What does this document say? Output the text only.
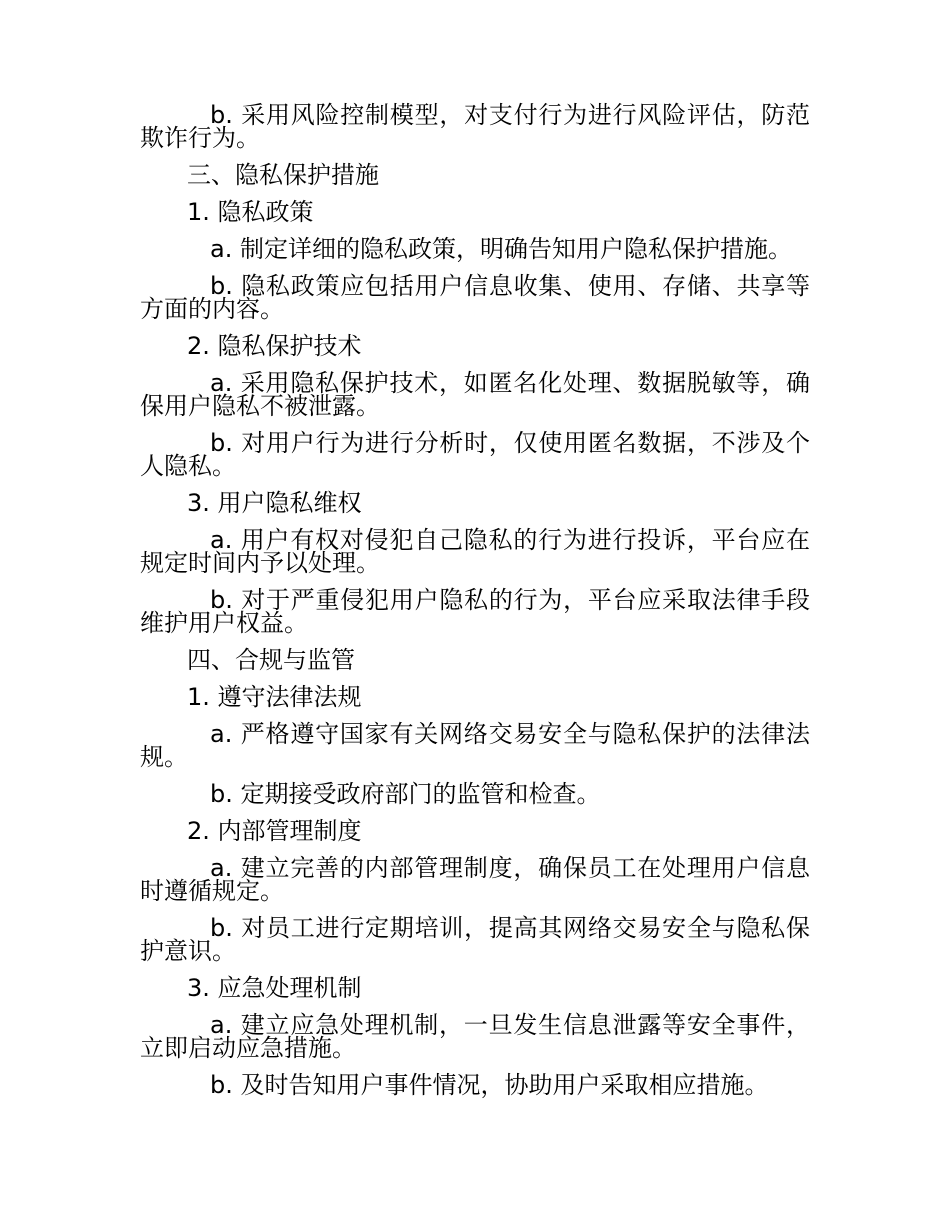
b. 采用风险控制模型，对支付行为进行风险评估，防范欺诈行为。

三、隐私保护措施

1. 隐私政策

a. 制定详细的隐私政策，明确告知用户隐私保护措施。

b. 隐私政策应包括用户信息收集、使用、存储、共享等方面的内容。

2. 隐私保护技术

a. 采用隐私保护技术，如匿名化处理、数据脱敏等，确保用户隐私不被泄露。

b. 对用户行为进行分析时，仅使用匿名数据，不涉及个人隐私。

3. 用户隐私维权

a. 用户有权对侵犯自己隐私的行为进行投诉，平台应在规定时间内予以处理。

b. 对于严重侵犯用户隐私的行为，平台应采取法律手段维护用户权益。

四、合规与监管

1. 遵守法律法规

a. 严格遵守国家有关网络交易安全与隐私保护的法律法规。

b. 定期接受政府部门的监管和检查。

2. 内部管理制度

a. 建立完善的内部管理制度，确保员工在处理用户信息时遵循规定。

b. 对员工进行定期培训，提高其网络交易安全与隐私保护意识。

3. 应急处理机制

a. 建立应急处理机制，一旦发生信息泄露等安全事件，立即启动应急措施。

b. 及时告知用户事件情况，协助用户采取相应措施。
